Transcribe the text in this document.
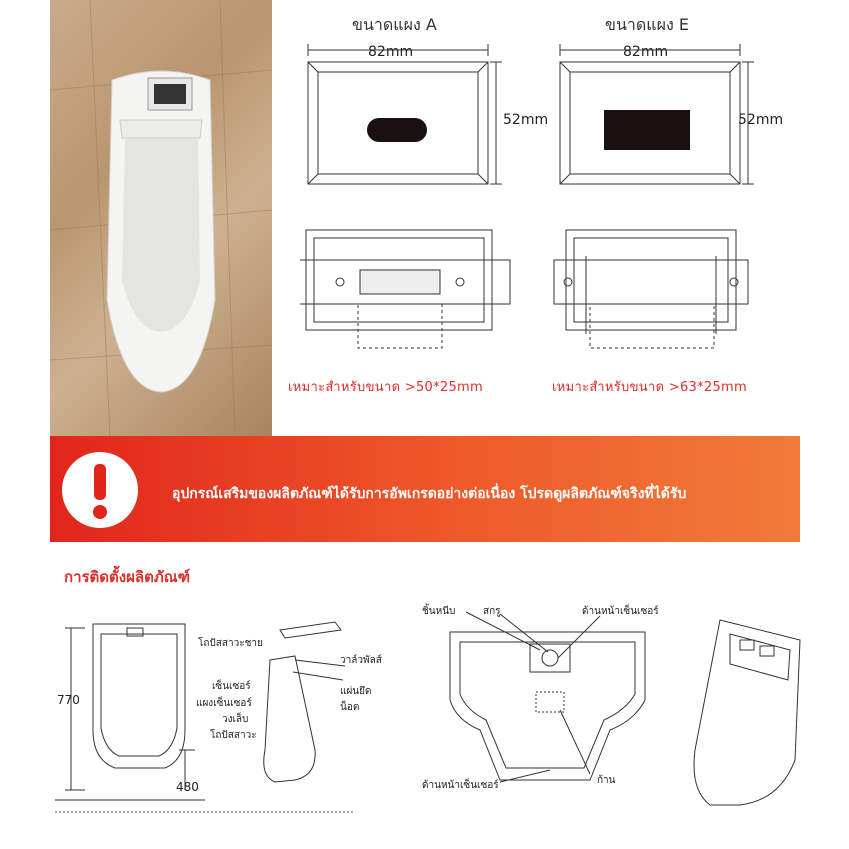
ขนาดแผง A
82mm
52mm
เหมาะสำหรับขนาด >50*25mm
ขนาดแผง E
82mm
52mm
เหมาะสำหรับขนาด >63*25mm
อุปกรณ์เสริมของผลิตภัณฑ์ได้รับการอัพเกรดอย่างต่อเนื่อง โปรดดูผลิตภัณฑ์จริงที่ได้รับ
การติดตั้งผลิตภัณฑ์
770
480
โถปัสสาวะชาย
เซ็นเซอร์
แผงเซ็นเซอร์
วงเล็บ
โถปัสสาวะ
วาล์วพัลส์
แผ่นยึด
น็อต
ชิ้นหนีบ	สกรู	ด้านหน้าเซ็นเซอร์
ด้านหน้าเซ็นเซอร์	ก้าน
